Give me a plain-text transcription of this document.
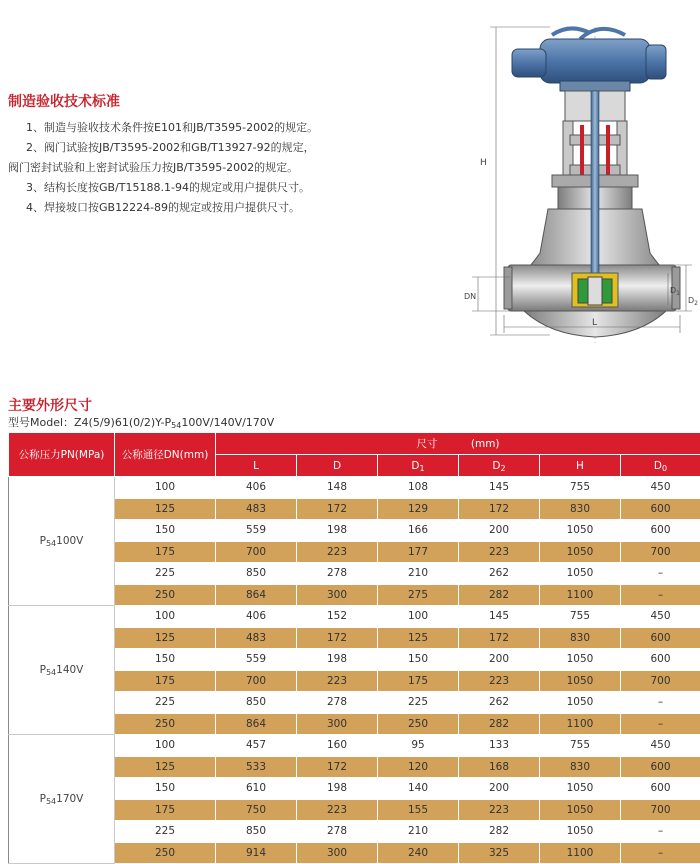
制造验收技术标准

1、制造与验收技术条件按E101和JB/T3595-2002的规定。

2、阀门试验按JB/T3595-2002和GB/T13927-92的规定，

阀门密封试验和上密封试验压力按JB/T3595-2002的规定。

3、结构长度按GB/T15188.1-94的规定或用户提供尺寸。

4、焊接坡口按GB12224-89的规定或按用户提供尺寸。

H
DN
$D_1$
$D_2$
L
主要外形尺寸
型号Model：$Z4(5/9)61(0/2)Y-P_{54}100V/140V/170V$
公称压力PN(MPa)	公称通径DN(mm)	尺寸          (mm)					
		L	D	$D_1$	$D_2$	H	$D_0$
$P_{54}100V$	100	406	148	108	145	755	450
	125	483	172	129	172	830	600
	150	559	198	166	200	1050	600
	175	700	223	177	223	1050	700
	225	850	278	210	262	1050	–
	250	864	300	275	282	1100	–
$P_{54}140V$	100	406	152	100	145	755	450
	125	483	172	125	172	830	600
	150	559	198	150	200	1050	600
	175	700	223	175	223	1050	700
	225	850	278	225	262	1050	–
	250	864	300	250	282	1100	–
$P_{54}170V$	100	457	160	95	133	755	450
	125	533	172	120	168	830	600
	150	610	198	140	200	1050	600
	175	750	223	155	223	1050	700
	225	850	278	210	282	1050	–
	250	914	300	240	325	1100	–
